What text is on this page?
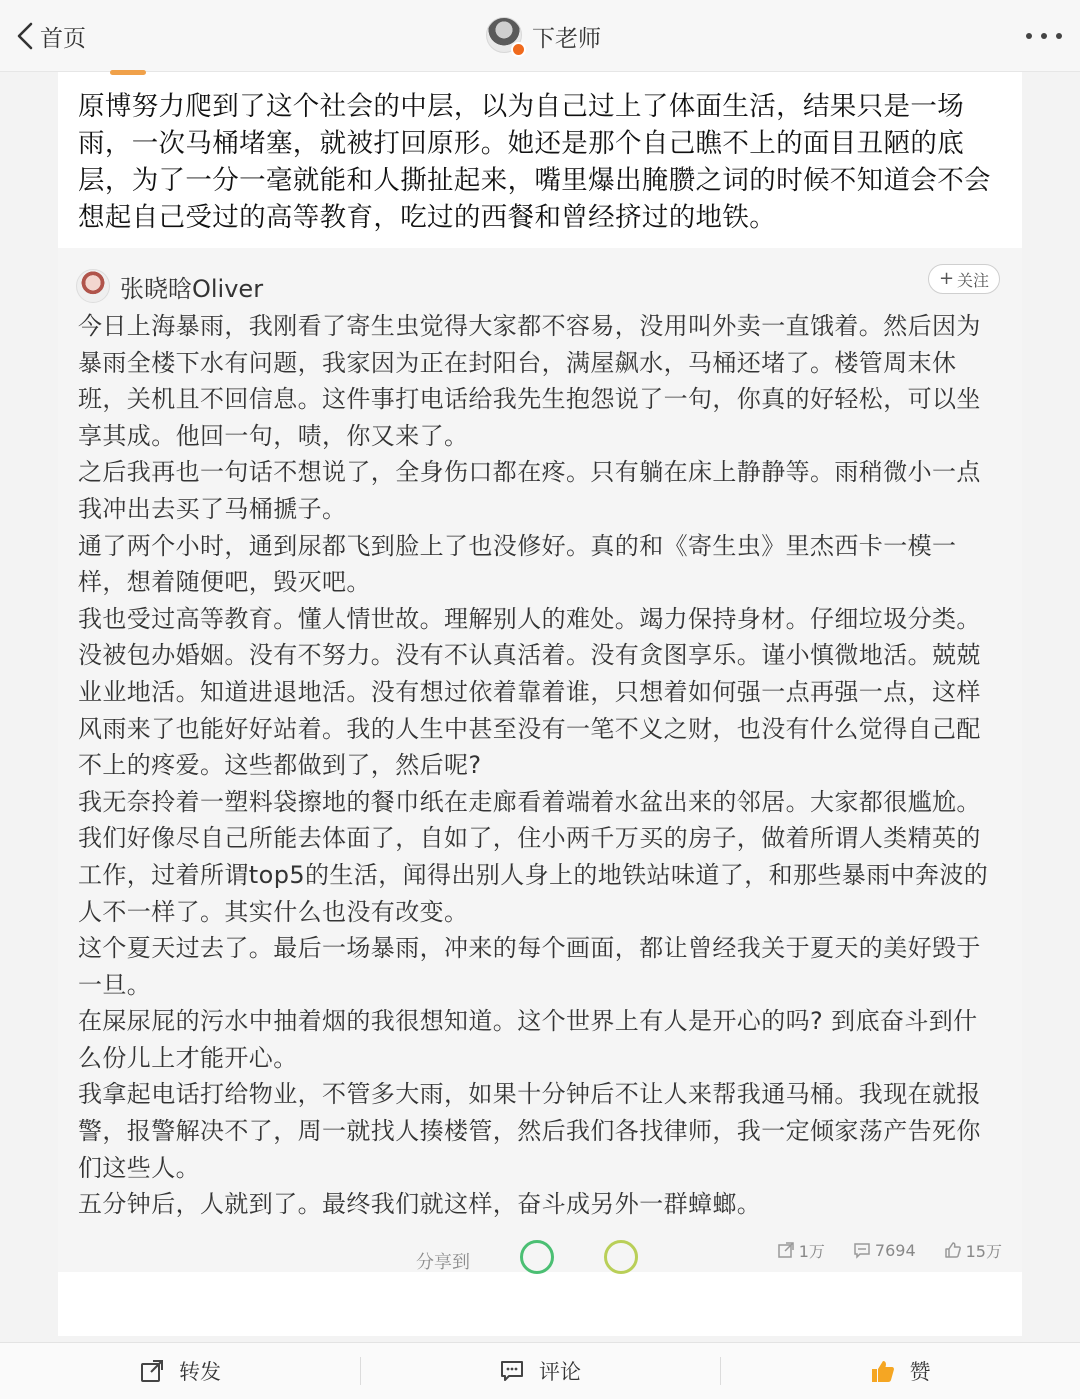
首页	下老师
原博努力爬到了这个社会的中层，以为自己过上了体面生活，结果只是一场雨，一次马桶堵塞，就被打回原形。她还是那个自己瞧不上的面目丑陋的底层，为了一分一毫就能和人撕扯起来，嘴里爆出腌臜之词的时候不知道会不会想起自己受过的高等教育，吃过的西餐和曾经挤过的地铁。
张晓晗Oliver	+ 关注

今日上海暴雨，我刚看了寄生虫觉得大家都不容易，没用叫外卖一直饿着。然后因为暴雨全楼下水有问题，我家因为正在封阳台，满屋飙水，马桶还堵了。楼管周末休班，关机且不回信息。这件事打电话给我先生抱怨说了一句，你真的好轻松，可以坐享其成。他回一句，啧，你又来了。

之后我再也一句话不想说了，全身伤口都在疼。只有躺在床上静静等。雨稍微小一点我冲出去买了马桶搋子。

通了两个小时，通到尿都飞到脸上了也没修好。真的和《寄生虫》里杰西卡一模一样，想着随便吧，毁灭吧。

我也受过高等教育。懂人情世故。理解别人的难处。竭力保持身材。仔细垃圾分类。没被包办婚姻。没有不努力。没有不认真活着。没有贪图享乐。谨小慎微地活。兢兢业业地活。知道进退地活。没有想过依着靠着谁，只想着如何强一点再强一点，这样风雨来了也能好好站着。我的人生中甚至没有一笔不义之财，也没有什么觉得自己配不上的疼爱。这些都做到了，然后呢?

我无奈拎着一塑料袋擦地的餐巾纸在走廊看着端着水盆出来的邻居。大家都很尴尬。我们好像尽自己所能去体面了，自如了，住小两千万买的房子，做着所谓人类精英的工作，过着所谓top5的生活，闻得出别人身上的地铁站味道了，和那些暴雨中奔波的人不一样了。其实什么也没有改变。

这个夏天过去了。最后一场暴雨，冲来的每个画面，都让曾经我关于夏天的美好毁于一旦。

在屎尿屁的污水中抽着烟的我很想知道。这个世界上有人是开心的吗? 到底奋斗到什么份儿上才能开心。

我拿起电话打给物业，不管多大雨，如果十分钟后不让人来帮我通马桶。我现在就报警，报警解决不了，周一就找人揍楼管，然后我们各找律师，我一定倾家荡产告死你们这些人。

五分钟后，人就到了。最终我们就这样，奋斗成另外一群蟑螂。

1万	7694	15万
分享到
转发	评论	赞
